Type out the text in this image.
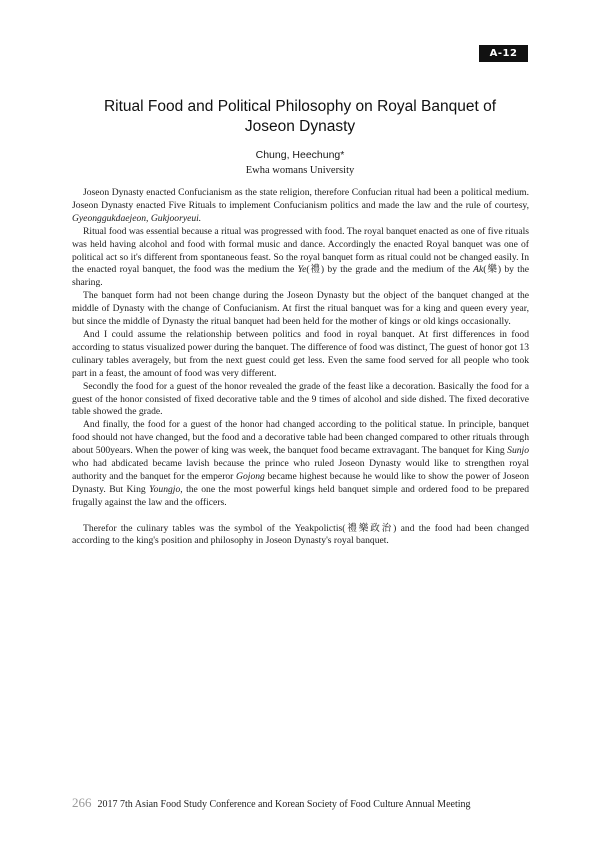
A-12
Ritual Food and Political Philosophy on Royal Banquet of
Joseon Dynasty
Chung, Heechung*
Ewha womans University

Joseon Dynasty enacted Confucianism as the state religion, therefore Confucian ritual had been a political medium. Joseon Dynasty enacted Five Rituals to implement Confucianism politics and made the law and the rule of courtesy, Gyeonggukdaejeon, Gukjooryeui.

Ritual food was essential because a ritual was progressed with food. The royal banquet enacted as one of five rituals was held having alcohol and food with formal music and dance. Accordingly the enacted Royal banquet was one of political act so it's different from spontaneous feast. So the royal banquet form as ritual could not be changed easily. In the enacted royal banquet, the food was the medium the Ye(禮) by the grade and the medium of the Ak(樂) by the sharing.

The banquet form had not been change during the Joseon Dynasty but the object of the banquet changed at the middle of Dynasty with the change of Confucianism. At first the ritual banquet was for a king and queen every year, but since the middle of Dynasty the ritual banquet had been held for the mother of kings or old kings occasionally.

And I could assume the relationship between politics and food in royal banquet. At first differences in food according to status visualized power during the banquet. The difference of food was distinct, The guest of honor got 13 culinary tables averagely, but from the next guest could get less. Even the same food served for all people who took part in a feast, the amount of food was very different.

Secondly the food for a guest of the honor revealed the grade of the feast like a decoration. Basically the food for a guest of the honor consisted of fixed decorative table and the 9 times of alcohol and side dished. The fixed decorative table showed the grade.

And finally, the food for a guest of the honor had changed according to the political statue. In principle, banquet food should not have changed, but the food and a decorative table had been changed compared to other rituals through about 500years. When the power of king was week, the banquet food became extravagant. The banquet for King Sunjo who had abdicated became lavish because the prince who ruled Joseon Dynasty would like to strengthen royal authority and the banquet for the emperor Gojong became highest because he would like to show the power of Joseon Dynasty. But King Youngjo, the one the most powerful kings held banquet simple and ordered food to be prepared frugally against the law and the officers.

Therefor the culinary tables was the symbol of the Yeakpolictis(禮樂政治) and the food had been changed according to the king's position and philosophy in Joseon Dynasty's royal banquet.

266 2017 7th Asian Food Study Conference and Korean Society of Food Culture Annual Meeting
